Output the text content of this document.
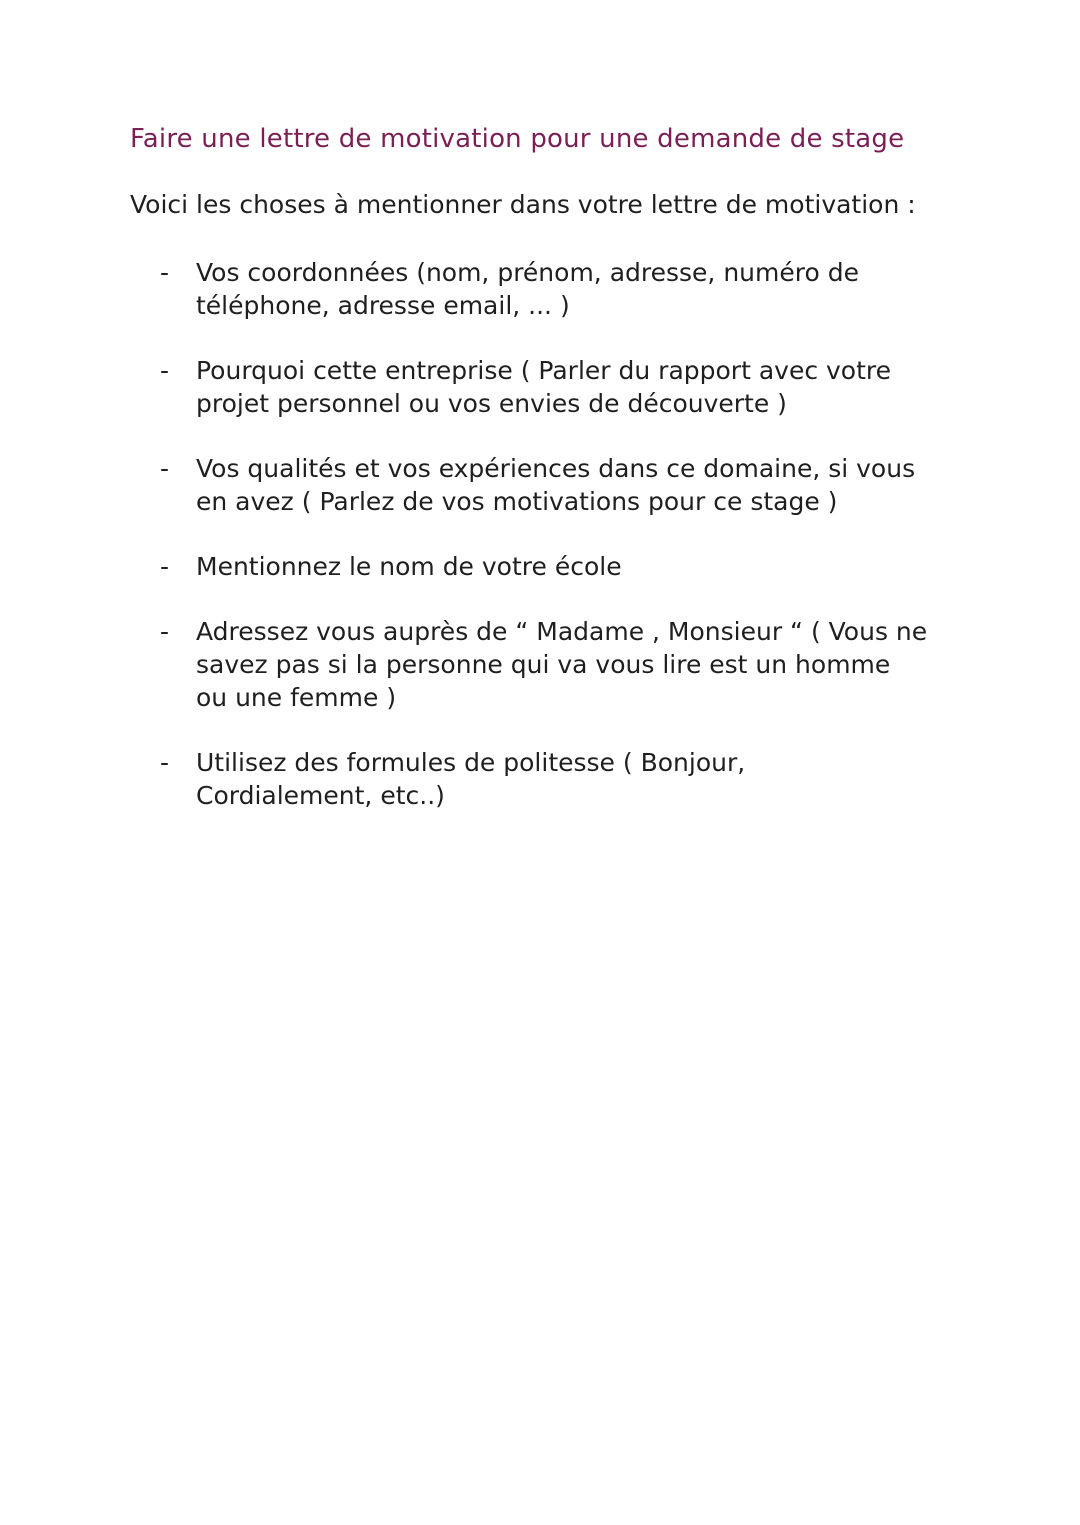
Faire une lettre de motivation pour une demande de stage

Voici les choses à mentionner dans votre lettre de motivation :

-	Vos coordonnées (nom, prénom, adresse, numéro de
téléphone, adresse email, ... )
-	Pourquoi cette entreprise ( Parler du rapport avec votre
projet personnel ou vos envies de découverte )
-	Vos qualités et vos expériences dans ce domaine, si vous
en avez ( Parlez de vos motivations pour ce stage )
-	Mentionnez le nom de votre école
-	Adressez vous auprès de “ Madame , Monsieur “ ( Vous ne
savez pas si la personne qui va vous lire est un homme
ou une femme )
-	Utilisez des formules de politesse ( Bonjour,
Cordialement, etc..)
